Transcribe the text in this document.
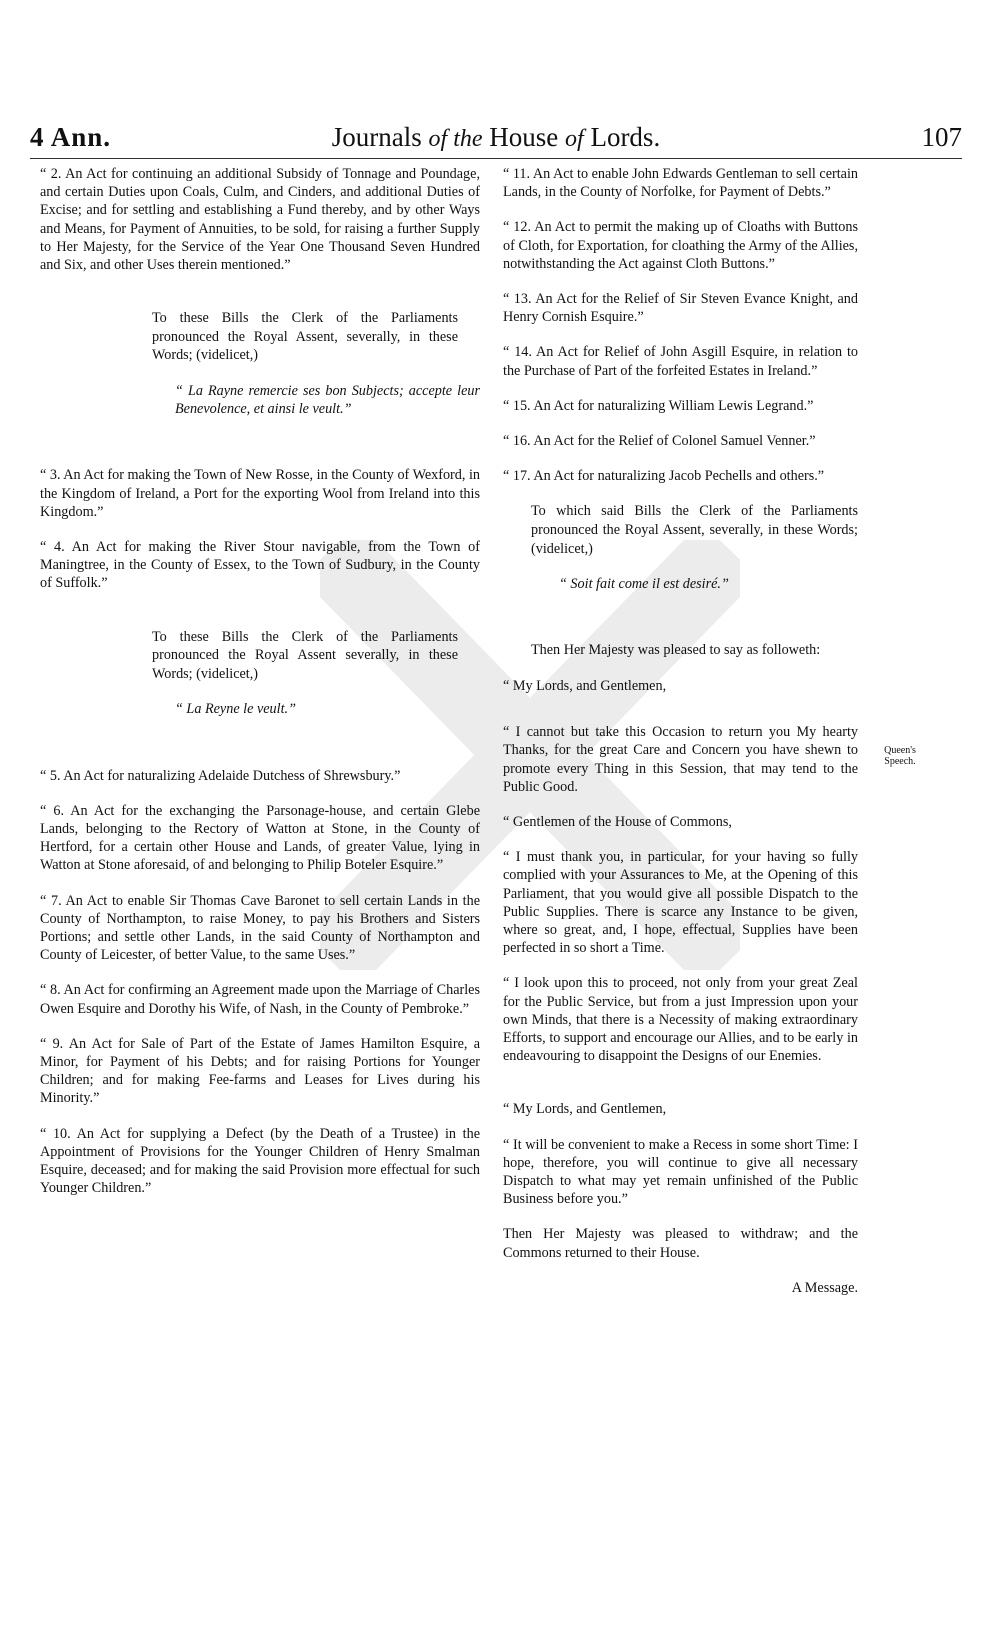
4 Ann.	Journals of the House of Lords.	107

“ 2. An Act for continuing an additional Subsidy of Tonnage and Poundage, and certain Duties upon Coals, Culm, and Cinders, and additional Duties of Excise; and for settling and establishing a Fund thereby, and by other Ways and Means, for Payment of Annuities, to be sold, for raising a further Supply to Her Majesty, for the Service of the Year One Thousand Seven Hundred and Six, and other Uses therein mentioned.”

To these Bills the Clerk of the Parliaments pronounced the Royal Assent, severally, in these Words; (videlicet,)

“ La Rayne remercie ses bon Subjects; accepte leur Benevolence, et ainsi le veult.”

“ 3. An Act for making the Town of New Rosse, in the County of Wexford, in the Kingdom of Ireland, a Port for the exporting Wool from Ireland into this Kingdom.”

“ 4. An Act for making the River Stour navigable, from the Town of Maningtree, in the County of Essex, to the Town of Sudbury, in the County of Suffolk.”

To these Bills the Clerk of the Parliaments pronounced the Royal Assent severally, in these Words; (videlicet,)

“ La Reyne le veult.”

“ 5. An Act for naturalizing Adelaide Dutchess of Shrewsbury.”

“ 6. An Act for the exchanging the Parsonage-house, and certain Glebe Lands, belonging to the Rectory of Watton at Stone, in the County of Hertford, for a certain other House and Lands, of greater Value, lying in Watton at Stone aforesaid, of and belonging to Philip Boteler Esquire.”

“ 7. An Act to enable Sir Thomas Cave Baronet to sell certain Lands in the County of Northampton, to raise Money, to pay his Brothers and Sisters Portions; and settle other Lands, in the said County of Northampton and County of Leicester, of better Value, to the same Uses.”

“ 8. An Act for confirming an Agreement made upon the Marriage of Charles Owen Esquire and Dorothy his Wife, of Nash, in the County of Pembroke.”

“ 9. An Act for Sale of Part of the Estate of James Hamilton Esquire, a Minor, for Payment of his Debts; and for raising Portions for Younger Children; and for making Fee-farms and Leases for Lives during his Minority.”

“ 10. An Act for supplying a Defect (by the Death of a Trustee) in the Appointment of Provisions for the Younger Children of Henry Smalman Esquire, deceased; and for making the said Provision more effectual for such Younger Children.”

“ 11. An Act to enable John Edwards Gentleman to sell certain Lands, in the County of Norfolke, for Payment of Debts.”

“ 12. An Act to permit the making up of Cloaths with Buttons of Cloth, for Exportation, for cloathing the Army of the Allies, notwithstanding the Act against Cloth Buttons.”

“ 13. An Act for the Relief of Sir Steven Evance Knight, and Henry Cornish Esquire.”

“ 14. An Act for Relief of John Asgill Esquire, in relation to the Purchase of Part of the forfeited Estates in Ireland.”

“ 15. An Act for naturalizing William Lewis Legrand.”

“ 16. An Act for the Relief of Colonel Samuel Venner.”

“ 17. An Act for naturalizing Jacob Pechells and others.”

To which said Bills the Clerk of the Parliaments pronounced the Royal Assent, severally, in these Words; (videlicet,)

“ Soit fait come il est desiré.”

Then Her Majesty was pleased to say as followeth:

“ My Lords, and Gentlemen,

“ I cannot but take this Occasion to return you My hearty Thanks, for the great Care and Concern you have shewn to promote every Thing in this Session, that may tend to the Public Good.

“ Gentlemen of the House of Commons,

“ I must thank you, in particular, for your having so fully complied with your Assurances to Me, at the Opening of this Parliament, that you would give all possible Dispatch to the Public Supplies. There is scarce any Instance to be given, where so great, and, I hope, effectual, Supplies have been perfected in so short a Time.

“ I look upon this to proceed, not only from your great Zeal for the Public Service, but from a just Impression upon your own Minds, that there is a Necessity of making extraordinary Efforts, to support and encourage our Allies, and to be early in endeavouring to disappoint the Designs of our Enemies.

“ My Lords, and Gentlemen,

“ It will be convenient to make a Recess in some short Time: I hope, therefore, you will continue to give all necessary Dispatch to what may yet remain unfinished of the Public Business before you.”

Then Her Majesty was pleased to withdraw; and the Commons returned to their House.

A Message.

Queen's Speech.
